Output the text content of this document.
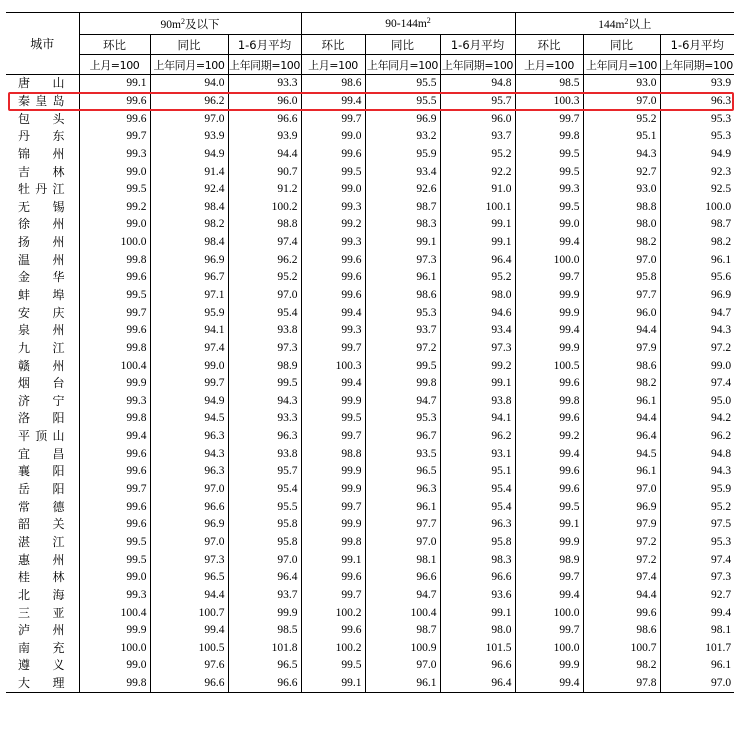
城市	$90m^2$及以下			$90-144m^2$			$144m^2$以上		
	环比	同比	1-6月平均	环比	同比	1-6月平均	环比	同比	1-6月平均
	上月=100	上年同月=100	上年同期=100	上月=100	上年同月=100	上年同期=100	上月=100	上年同月=100	上年同期=100
唐山	99.1	94.0	93.3	98.6	95.5	94.8	98.5	93.0	93.9
秦皇岛	99.6	96.2	96.0	99.4	95.5	95.7	100.3	97.0	96.3
包头	99.6	97.0	96.6	99.7	96.9	96.0	99.7	95.2	95.3
丹东	99.7	93.9	93.9	99.0	93.2	93.7	99.8	95.1	95.3
锦州	99.3	94.9	94.4	99.6	95.9	95.2	99.5	94.3	94.9
吉林	99.0	91.4	90.7	99.5	93.4	92.2	99.5	92.7	92.3
牡丹江	99.5	92.4	91.2	99.0	92.6	91.0	99.3	93.0	92.5
无锡	99.2	98.4	100.2	99.3	98.7	100.1	99.5	98.8	100.0
徐州	99.0	98.2	98.8	99.2	98.3	99.1	99.0	98.0	98.7
扬州	100.0	98.4	97.4	99.3	99.1	99.1	99.4	98.2	98.2
温州	99.8	96.9	96.2	99.6	97.3	96.4	100.0	97.0	96.1
金华	99.6	96.7	95.2	99.6	96.1	95.2	99.7	95.8	95.6
蚌埠	99.5	97.1	97.0	99.6	98.6	98.0	99.9	97.7	96.9
安庆	99.7	95.9	95.4	99.4	95.3	94.6	99.9	96.0	94.7
泉州	99.6	94.1	93.8	99.3	93.7	93.4	99.4	94.4	94.3
九江	99.8	97.4	97.3	99.7	97.2	97.3	99.9	97.9	97.2
赣州	100.4	99.0	98.9	100.3	99.5	99.2	100.5	98.6	99.0
烟台	99.9	99.7	99.5	99.4	99.8	99.1	99.6	98.2	97.4
济宁	99.3	94.9	94.3	99.9	94.7	93.8	99.8	96.1	95.0
洛阳	99.8	94.5	93.3	99.5	95.3	94.1	99.6	94.4	94.2
平顶山	99.4	96.3	96.3	99.7	96.7	96.2	99.2	96.4	96.2
宜昌	99.6	94.3	93.8	98.8	93.5	93.1	99.4	94.5	94.8
襄阳	99.6	96.3	95.7	99.9	96.5	95.1	99.6	96.1	94.3
岳阳	99.7	97.0	95.4	99.9	96.3	95.4	99.6	97.0	95.9
常德	99.6	96.6	95.5	99.7	96.1	95.4	99.5	96.9	95.2
韶关	99.6	96.9	95.8	99.9	97.7	96.3	99.1	97.9	97.5
湛江	99.5	97.0	95.8	99.8	97.0	95.8	99.9	97.2	95.3
惠州	99.5	97.3	97.0	99.1	98.1	98.3	98.9	97.2	97.4
桂林	99.0	96.5	96.4	99.6	96.6	96.6	99.7	97.4	97.3
北海	99.3	94.4	93.7	99.7	94.7	93.6	99.4	94.4	92.7
三亚	100.4	100.7	99.9	100.2	100.4	99.1	100.0	99.6	99.4
泸州	99.9	99.4	98.5	99.6	98.7	98.0	99.7	98.6	98.1
南充	100.0	100.5	101.8	100.2	100.9	101.5	100.0	100.7	101.7
遵义	99.0	97.6	96.5	99.5	97.0	96.6	99.9	98.2	96.1
大理	99.8	96.6	96.6	99.1	96.1	96.4	99.4	97.8	97.0
